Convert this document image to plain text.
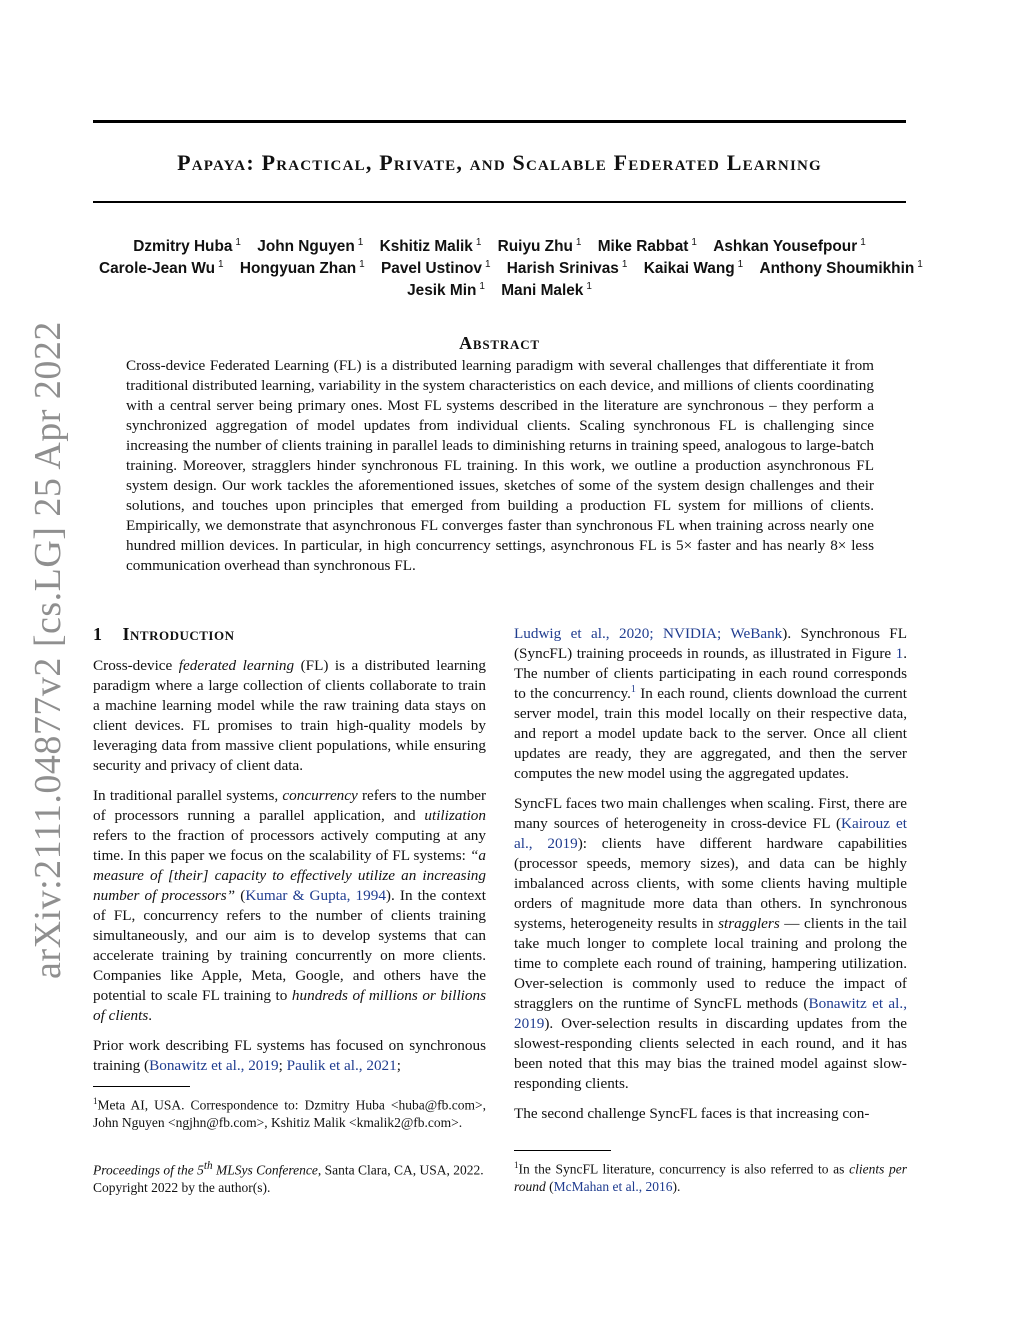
Papaya: Practical, Private, and Scalable Federated Learning
Dzmitry Huba $^1$ John Nguyen $^1$ Kshitiz Malik $^1$ Ruiyu Zhu $^1$ Mike Rabbat $^1$ Ashkan Yousefpour $^1$
Carole-Jean Wu $^1$ Hongyuan Zhan $^1$ Pavel Ustinov $^1$ Harish Srinivas $^1$ Kaikai Wang $^1$ Anthony Shoumikhin $^1$
Jesik Min $^1$ Mani Malek $^1$
Abstract

Cross-device Federated Learning (FL) is a distributed learning paradigm with several challenges that differentiate it from traditional distributed learning, variability in the system characteristics on each device, and millions of clients coordinating with a central server being primary ones. Most FL systems described in the literature are synchronous – they perform a synchronized aggregation of model updates from individual clients. Scaling synchronous FL is challenging since increasing the number of clients training in parallel leads to diminishing returns in training speed, analogous to large-batch training. Moreover, stragglers hinder synchronous FL training. In this work, we outline a production asynchronous FL system design. Our work tackles the aforementioned issues, sketches of some of the system design challenges and their solutions, and touches upon principles that emerged from building a production FL system for millions of clients. Empirically, we demonstrate that asynchronous FL converges faster than synchronous FL when training across nearly one hundred million devices. In particular, in high concurrency settings, asynchronous FL is 5× faster and has nearly 8× less communication overhead than synchronous FL.

arXiv:2111.04877v2 [cs.LG] 25 Apr 2022 1 Introduction

Cross-device federated learning (FL) is a distributed learning paradigm where a large collection of clients collaborate to train a machine learning model while the raw training data stays on client devices. FL promises to train high-quality models by leveraging data from massive client populations, while ensuring security and privacy of client data.

In traditional parallel systems, concurrency refers to the number of processors running a parallel application, and utilization refers to the fraction of processors actively computing at any time. In this paper we focus on the scalability of FL systems: “a measure of [their] capacity to effectively utilize an increasing number of processors” (Kumar & Gupta, 1994). In the context of FL, concurrency refers to the number of clients training simultaneously, and our aim is to develop systems that can accelerate training by training concurrently on more clients. Companies like Apple, Meta, Google, and others have the potential to scale FL training to hundreds of millions or billions of clients.

Prior work describing FL systems has focused on synchronous training (Bonawitz et al., 2019; Paulik et al., 2021;

$^1$Meta AI, USA. Correspondence to: Dzmitry Huba <huba@fb.com>, John Nguyen <ngjhn@fb.com>, Kshitiz Malik <kmalik2@fb.com>.

Proceedings of the 5th MLSys Conference, Santa Clara, CA, USA, 2022. Copyright 2022 by the author(s).

Ludwig et al., 2020; NVIDIA; WeBank). Synchronous FL (SyncFL) training proceeds in rounds, as illustrated in Figure 1. The number of clients participating in each round corresponds to the concurrency.$^1$ In each round, clients download the current server model, train this model locally on their respective data, and report a model update back to the server. Once all client updates are ready, they are aggregated, and then the server computes the new model using the aggregated updates.

SyncFL faces two main challenges when scaling. First, there are many sources of heterogeneity in cross-device FL (Kairouz et al., 2019): clients have different hardware capabilities (processor speeds, memory sizes), and data can be highly imbalanced across clients, with some clients having multiple orders of magnitude more data than others. In synchronous systems, heterogeneity results in stragglers — clients in the tail take much longer to complete local training and prolong the time to complete each round of training, hampering utilization. Over-selection is commonly used to reduce the impact of stragglers on the runtime of SyncFL methods (Bonawitz et al., 2019). Over-selection results in discarding updates from the slowest-responding clients selected in each round, and it has been noted that this may bias the trained model against slow-responding clients.

The second challenge SyncFL faces is that increasing con-

$^1$In the SyncFL literature, concurrency is also referred to as clients per round (McMahan et al., 2016).
